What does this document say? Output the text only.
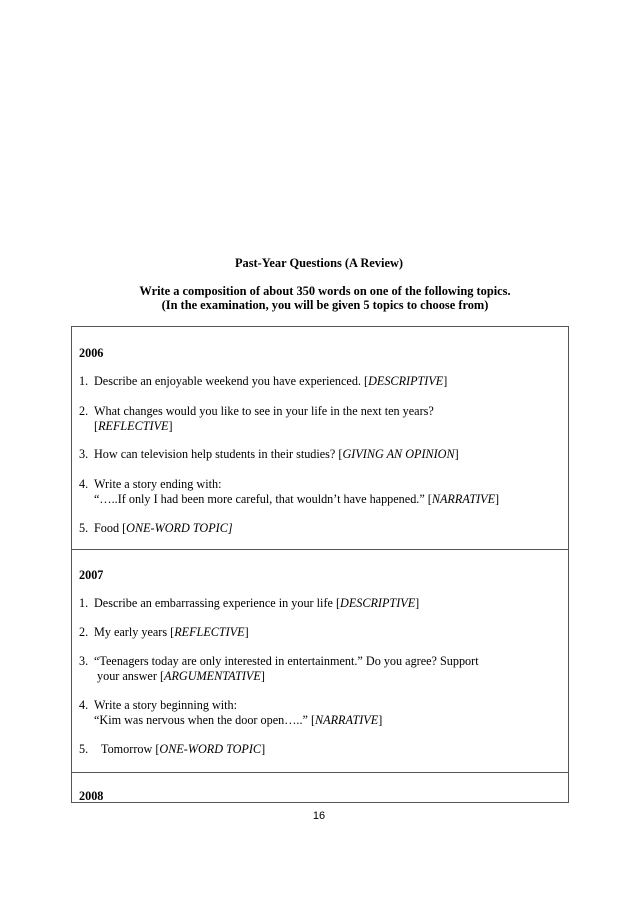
Past-Year Questions (A Review)
Write a composition of about 350 words on one of the following topics.
(In the examination, you will be given 5 topics to choose from)
2006
1. Describe an enjoyable weekend you have experienced. [DESCRIPTIVE]
2. What changes would you like to see in your life in the next ten years?
[REFLECTIVE]
3. How can television help students in their studies? [GIVING AN OPINION]
4. Write a story ending with:
“…..If only I had been more careful, that wouldn’t have happened.” [NARRATIVE]
5. Food [ONE-WORD TOPIC]
2007
1. Describe an embarrassing experience in your life [DESCRIPTIVE]
2. My early years [REFLECTIVE]
3. “Teenagers today are only interested in entertainment.” Do you agree? Support
your answer [ARGUMENTATIVE]
4. Write a story beginning with:
“Kim was nervous when the door open…..” [NARRATIVE]
5. Tomorrow [ONE-WORD TOPIC]
2008
16
